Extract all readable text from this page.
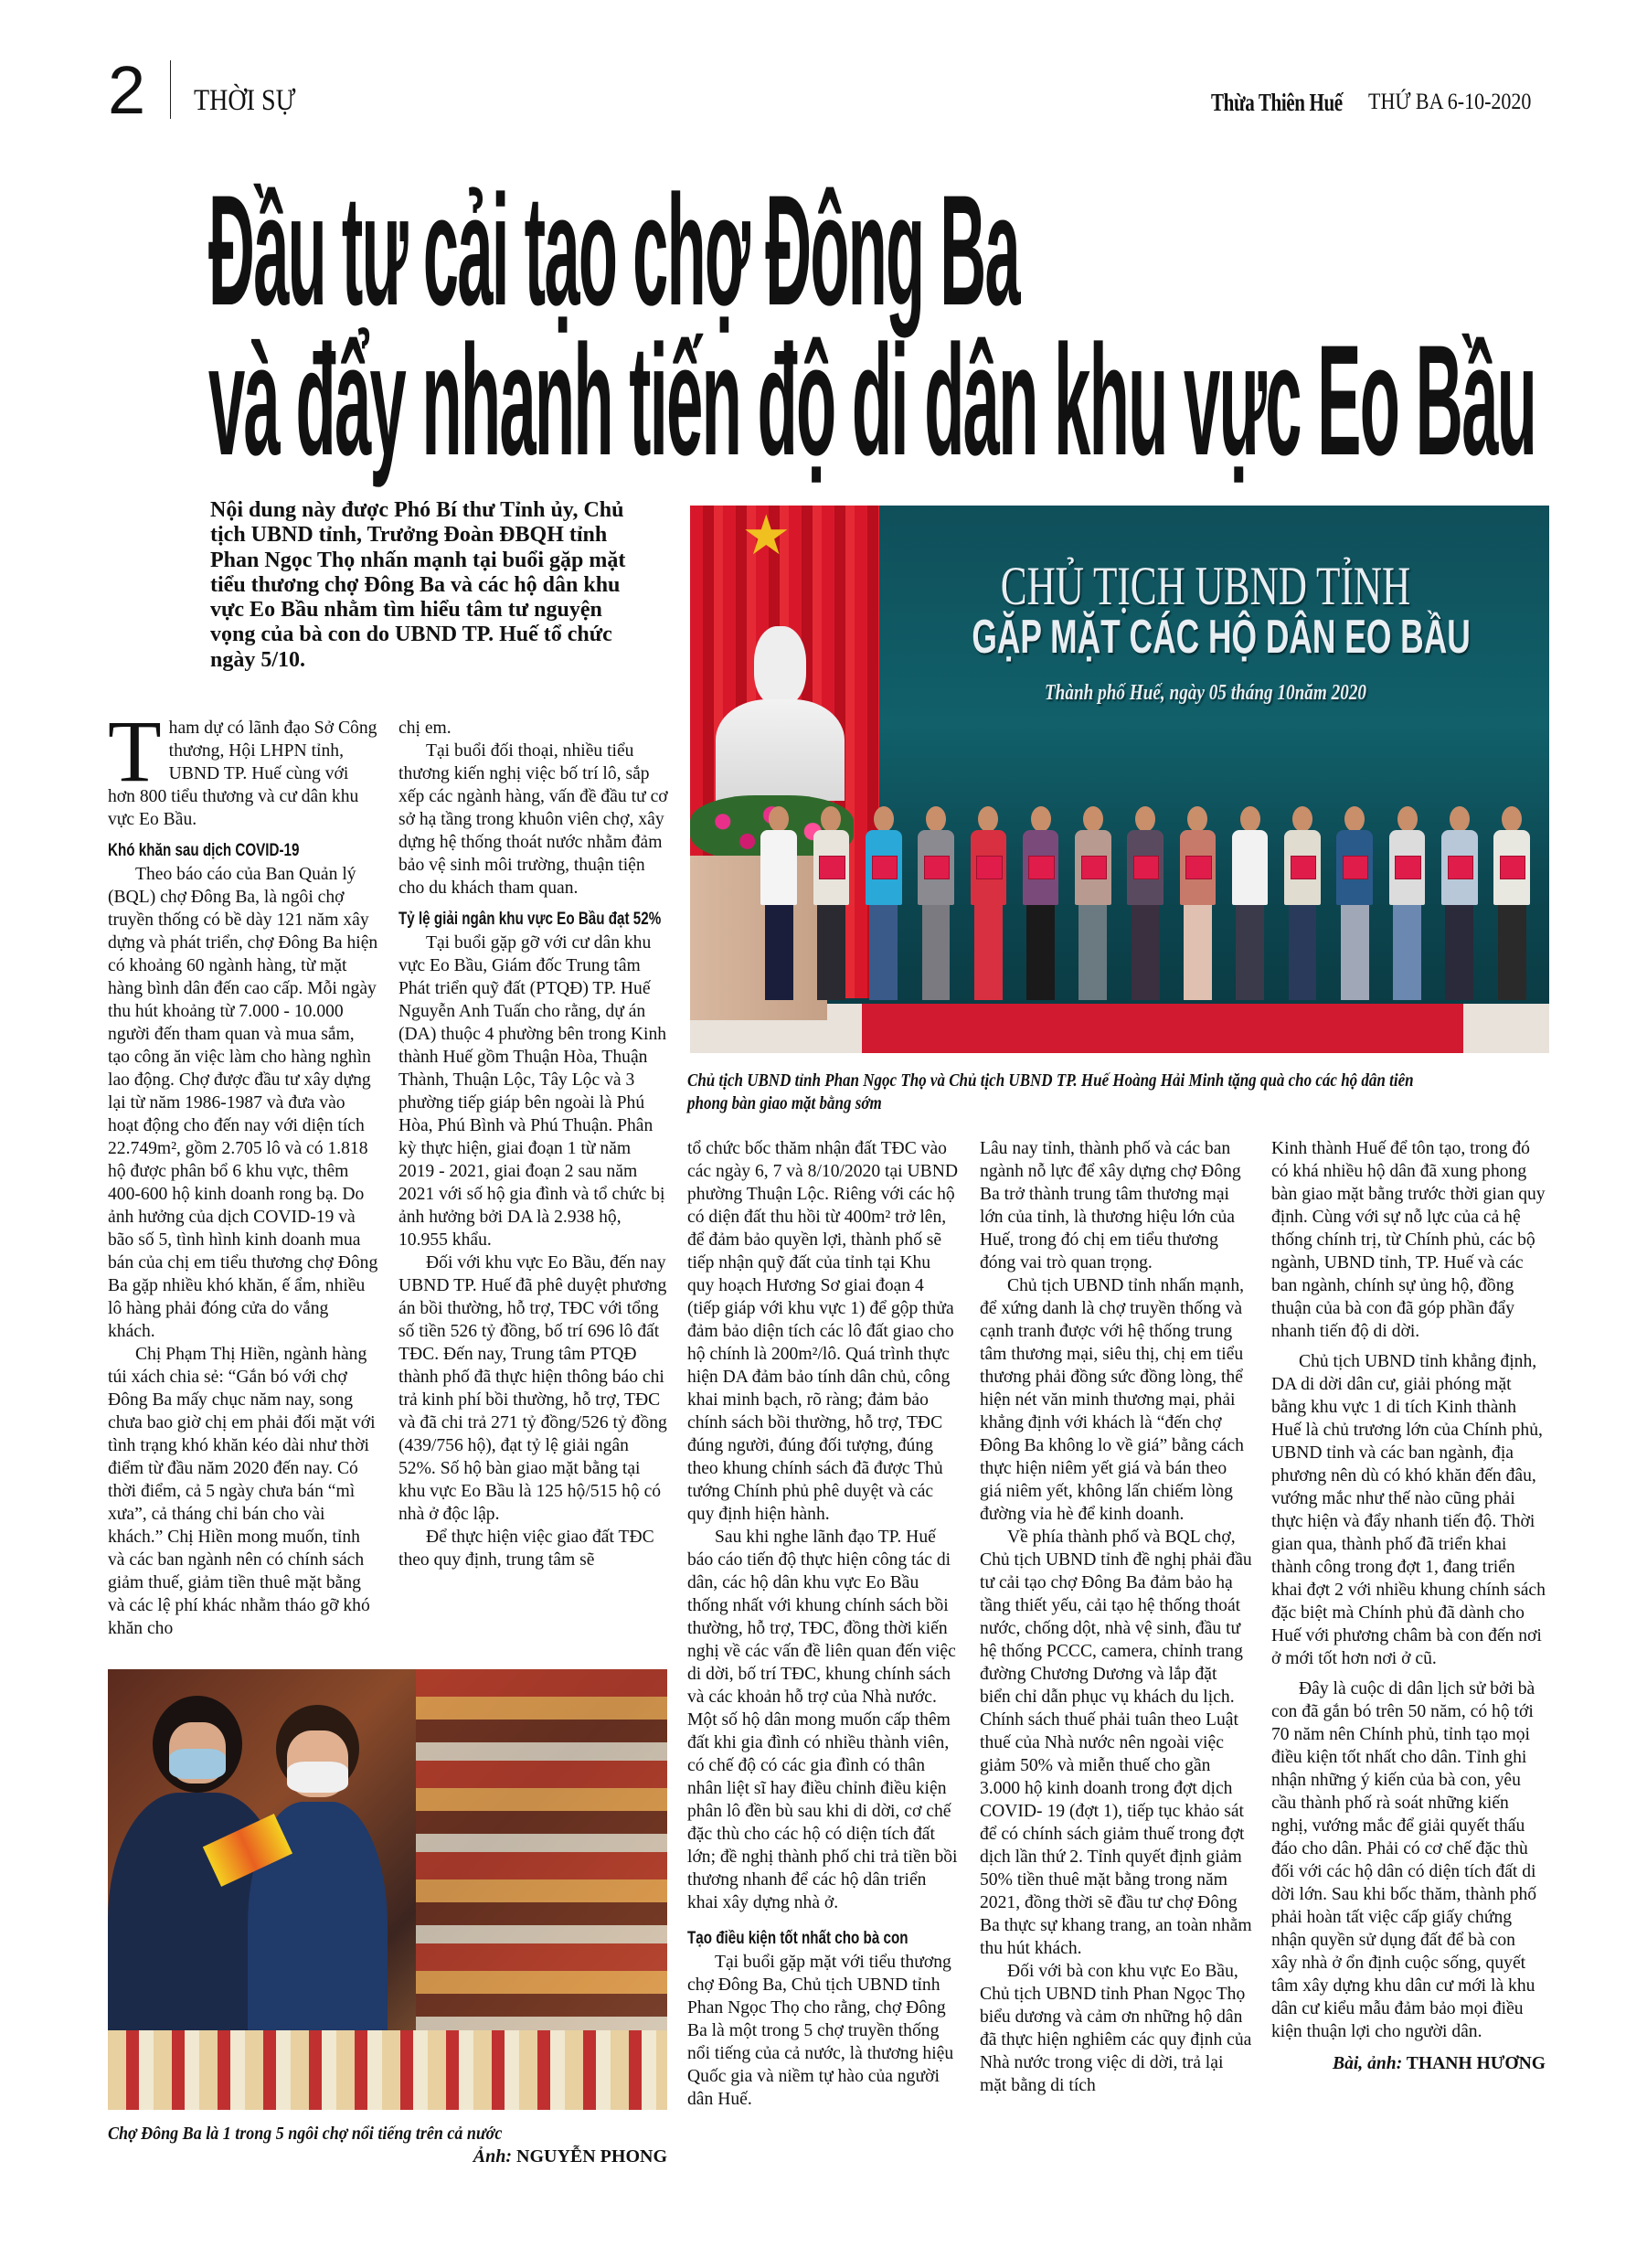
2 THỜI SỰ	Thừa Thiên Huế THỨ BA 6-10-2020
Đầu tư cải tạo chợ Đông Ba
và đẩy nhanh tiến độ di dân khu vực Eo Bầu
Nội dung này được Phó Bí thư Tỉnh ủy, Chủ tịch UBND tỉnh, Trưởng Đoàn ĐBQH tỉnh Phan Ngọc Thọ nhấn mạnh tại buổi gặp mặt tiểu thương chợ Đông Ba và các hộ dân khu vực Eo Bầu nhằm tìm hiểu tâm tư nguyện vọng của bà con do UBND TP. Huế tổ chức ngày 5/10.
★
CHỦ TỊCH UBND TỈNH
GẶP MẶT CÁC HỘ DÂN EO BẦU
Thành phố Huế, ngày 05 tháng 10năm 2020
Chủ tịch UBND tỉnh Phan Ngọc Thọ và Chủ tịch UBND TP. Huế Hoàng Hải Minh tặng quà cho các hộ dân tiên phong bàn giao mặt bằng sớm
Chợ Đông Ba là 1 trong 5 ngôi chợ nổi tiếng trên cả nước
Ảnh: NGUYỄN PHONG

Tham dự có lãnh đạo Sở Công thương, Hội LHPN tỉnh, UBND TP. Huế cùng với hơn 800 tiểu thương và cư dân khu vực Eo Bầu.

Khó khăn sau dịch COVID-19

Theo báo cáo của Ban Quản lý (BQL) chợ Đông Ba, là ngôi chợ truyền thống có bề dày 121 năm xây dựng và phát triển, chợ Đông Ba hiện có khoảng 60 ngành hàng, từ mặt hàng bình dân đến cao cấp. Mỗi ngày thu hút khoảng từ 7.000 - 10.000 người đến tham quan và mua sắm, tạo công ăn việc làm cho hàng nghìn lao động. Chợ được đầu tư xây dựng lại từ năm 1986-1987 và đưa vào hoạt động cho đến nay với diện tích 22.749m², gồm 2.705 lô và có 1.818 hộ được phân bổ 6 khu vực, thêm 400-600 hộ kinh doanh rong bạ. Do ảnh hưởng của dịch COVID-19 và bão số 5, tình hình kinh doanh mua bán của chị em tiểu thương chợ Đông Ba gặp nhiều khó khăn, ế ẩm, nhiều lô hàng phải đóng cửa do vắng khách.

Chị Phạm Thị Hiền, ngành hàng túi xách chia sẻ: “Gắn bó với chợ Đông Ba mấy chục năm nay, song chưa bao giờ chị em phải đối mặt với tình trạng khó khăn kéo dài như thời điểm từ đầu năm 2020 đến nay. Có thời điểm, cả 5 ngày chưa bán “mì xưa”, cả tháng chỉ bán cho vài khách.” Chị Hiền mong muốn, tỉnh và các ban ngành nên có chính sách giảm thuế, giảm tiền thuê mặt bằng và các lệ phí khác nhằm tháo gỡ khó khăn cho

chị em.

Tại buổi đối thoại, nhiều tiểu thương kiến nghị việc bố trí lô, sắp xếp các ngành hàng, vấn đề đầu tư cơ sở hạ tầng trong khuôn viên chợ, xây dựng hệ thống thoát nước nhằm đảm bảo vệ sinh môi trường, thuận tiện cho du khách tham quan.

Tỷ lệ giải ngân khu vực Eo Bầu đạt 52%

Tại buổi gặp gỡ với cư dân khu vực Eo Bầu, Giám đốc Trung tâm Phát triển quỹ đất (PTQĐ) TP. Huế Nguyễn Anh Tuấn cho rằng, dự án (DA) thuộc 4 phường bên trong Kinh thành Huế gồm Thuận Hòa, Thuận Thành, Thuận Lộc, Tây Lộc và 3 phường tiếp giáp bên ngoài là Phú Hòa, Phú Bình và Phú Thuận. Phân kỳ thực hiện, giai đoạn 1 từ năm 2019 - 2021, giai đoạn 2 sau năm 2021 với số hộ gia đình và tổ chức bị ảnh hưởng bởi DA là 2.938 hộ, 10.955 khẩu.

Đối với khu vực Eo Bầu, đến nay UBND TP. Huế đã phê duyệt phương án bồi thường, hỗ trợ, TĐC với tổng số tiền 526 tỷ đồng, bố trí 696 lô đất TĐC. Đến nay, Trung tâm PTQĐ thành phố đã thực hiện thông báo chi trả kinh phí bồi thường, hỗ trợ, TĐC và đã chi trả 271 tỷ đồng/526 tỷ đồng (439/756 hộ), đạt tỷ lệ giải ngân 52%. Số hộ bàn giao mặt bằng tại khu vực Eo Bầu là 125 hộ/515 hộ có nhà ở độc lập.

Để thực hiện việc giao đất TĐC theo quy định, trung tâm sẽ

tổ chức bốc thăm nhận đất TĐC vào các ngày 6, 7 và 8/10/2020 tại UBND phường Thuận Lộc. Riêng với các hộ có diện đất thu hồi từ 400m² trở lên, để đảm bảo quyền lợi, thành phố sẽ tiếp nhận quỹ đất của tỉnh tại Khu quy hoạch Hương Sơ giai đoạn 4 (tiếp giáp với khu vực 1) để gộp thửa đảm bảo diện tích các lô đất giao cho hộ chính là 200m²/lô. Quá trình thực hiện DA đảm bảo tính dân chủ, công khai minh bạch, rõ ràng; đảm bảo chính sách bồi thường, hỗ trợ, TĐC đúng người, đúng đối tượng, đúng theo khung chính sách đã được Thủ tướng Chính phủ phê duyệt và các quy định hiện hành.

Sau khi nghe lãnh đạo TP. Huế báo cáo tiến độ thực hiện công tác di dân, các hộ dân khu vực Eo Bầu thống nhất với khung chính sách bồi thường, hỗ trợ, TĐC, đồng thời kiến nghị về các vấn đề liên quan đến việc di dời, bố trí TĐC, khung chính sách và các khoản hỗ trợ của Nhà nước. Một số hộ dân mong muốn cấp thêm đất khi gia đình có nhiều thành viên, có chế độ có các gia đình có thân nhân liệt sĩ hay điều chỉnh điều kiện phân lô đền bù sau khi di dời, cơ chế đặc thù cho các hộ có diện tích đất lớn; đề nghị thành phố chi trả tiền bồi thương nhanh để các hộ dân triển khai xây dựng nhà ở.

Tạo điều kiện tốt nhất cho bà con

Tại buổi gặp mặt với tiểu thương chợ Đông Ba, Chủ tịch UBND tỉnh Phan Ngọc Thọ cho rằng, chợ Đông Ba là một trong 5 chợ truyền thống nổi tiếng của cả nước, là thương hiệu Quốc gia và niềm tự hào của người dân Huế.

Lâu nay tỉnh, thành phố và các ban ngành nỗ lực để xây dựng chợ Đông Ba trở thành trung tâm thương mại lớn của tỉnh, là thương hiệu lớn của Huế, trong đó chị em tiểu thương đóng vai trò quan trọng.

Chủ tịch UBND tỉnh nhấn mạnh, để xứng danh là chợ truyền thống và cạnh tranh được với hệ thống trung tâm thương mại, siêu thị, chị em tiểu thương phải đồng sức đồng lòng, thể hiện nét văn minh thương mại, phải khẳng định với khách là “đến chợ Đông Ba không lo về giá” bằng cách thực hiện niêm yết giá và bán theo giá niêm yết, không lấn chiếm lòng đường vỉa hè để kinh doanh.

Về phía thành phố và BQL chợ, Chủ tịch UBND tỉnh đề nghị phải đầu tư cải tạo chợ Đông Ba đảm bảo hạ tầng thiết yếu, cải tạo hệ thống thoát nước, chống dột, nhà vệ sinh, đầu tư hệ thống PCCC, camera, chỉnh trang đường Chương Dương và lắp đặt biển chỉ dẫn phục vụ khách du lịch. Chính sách thuế phải tuân theo Luật thuế của Nhà nước nên ngoài việc giảm 50% và miễn thuế cho gần 3.000 hộ kinh doanh trong đợt dịch COVID- 19 (đợt 1), tiếp tục khảo sát để có chính sách giảm thuế trong đợt dịch lần thứ 2. Tỉnh quyết định giảm 50% tiền thuê mặt bằng trong năm 2021, đồng thời sẽ đầu tư chợ Đông Ba thực sự khang trang, an toàn nhằm thu hút khách.

Đối với bà con khu vực Eo Bầu, Chủ tịch UBND tỉnh Phan Ngọc Thọ biểu dương và cảm ơn những hộ dân đã thực hiện nghiêm các quy định của Nhà nước trong việc di dời, trả lại mặt bằng di tích

Kinh thành Huế để tôn tạo, trong đó có khá nhiều hộ dân đã xung phong bàn giao mặt bằng trước thời gian quy định. Cùng với sự nỗ lực của cả hệ thống chính trị, từ Chính phủ, các bộ ngành, UBND tỉnh, TP. Huế và các ban ngành, chính sự ủng hộ, đồng thuận của bà con đã góp phần đẩy nhanh tiến độ di dời.

Chủ tịch UBND tỉnh khẳng định, DA di dời dân cư, giải phóng mặt bằng khu vực 1 di tích Kinh thành Huế là chủ trương lớn của Chính phủ, UBND tỉnh và các ban ngành, địa phương nên dù có khó khăn đến đâu, vướng mắc như thế nào cũng phải thực hiện và đẩy nhanh tiến độ. Thời gian qua, thành phố đã triển khai thành công trong đợt 1, đang triển khai đợt 2 với nhiều khung chính sách đặc biệt mà Chính phủ đã dành cho Huế với phương châm bà con đến nơi ở mới tốt hơn nơi ở cũ.

Đây là cuộc di dân lịch sử bởi bà con đã gắn bó trên 50 năm, có hộ tới 70 năm nên Chính phủ, tỉnh tạo mọi điều kiện tốt nhất cho dân. Tỉnh ghi nhận những ý kiến của bà con, yêu cầu thành phố rà soát những kiến nghị, vướng mắc để giải quyết thấu đáo cho dân. Phải có cơ chế đặc thù đối với các hộ dân có diện tích đất di dời lớn. Sau khi bốc thăm, thành phố phải hoàn tất việc cấp giấy chứng nhận quyền sử dụng đất để bà con xây nhà ở ổn định cuộc sống, quyết tâm xây dựng khu dân cư mới là khu dân cư kiểu mẫu đảm bảo mọi điều kiện thuận lợi cho người dân.

Bài, ảnh: THANH HƯƠNG
